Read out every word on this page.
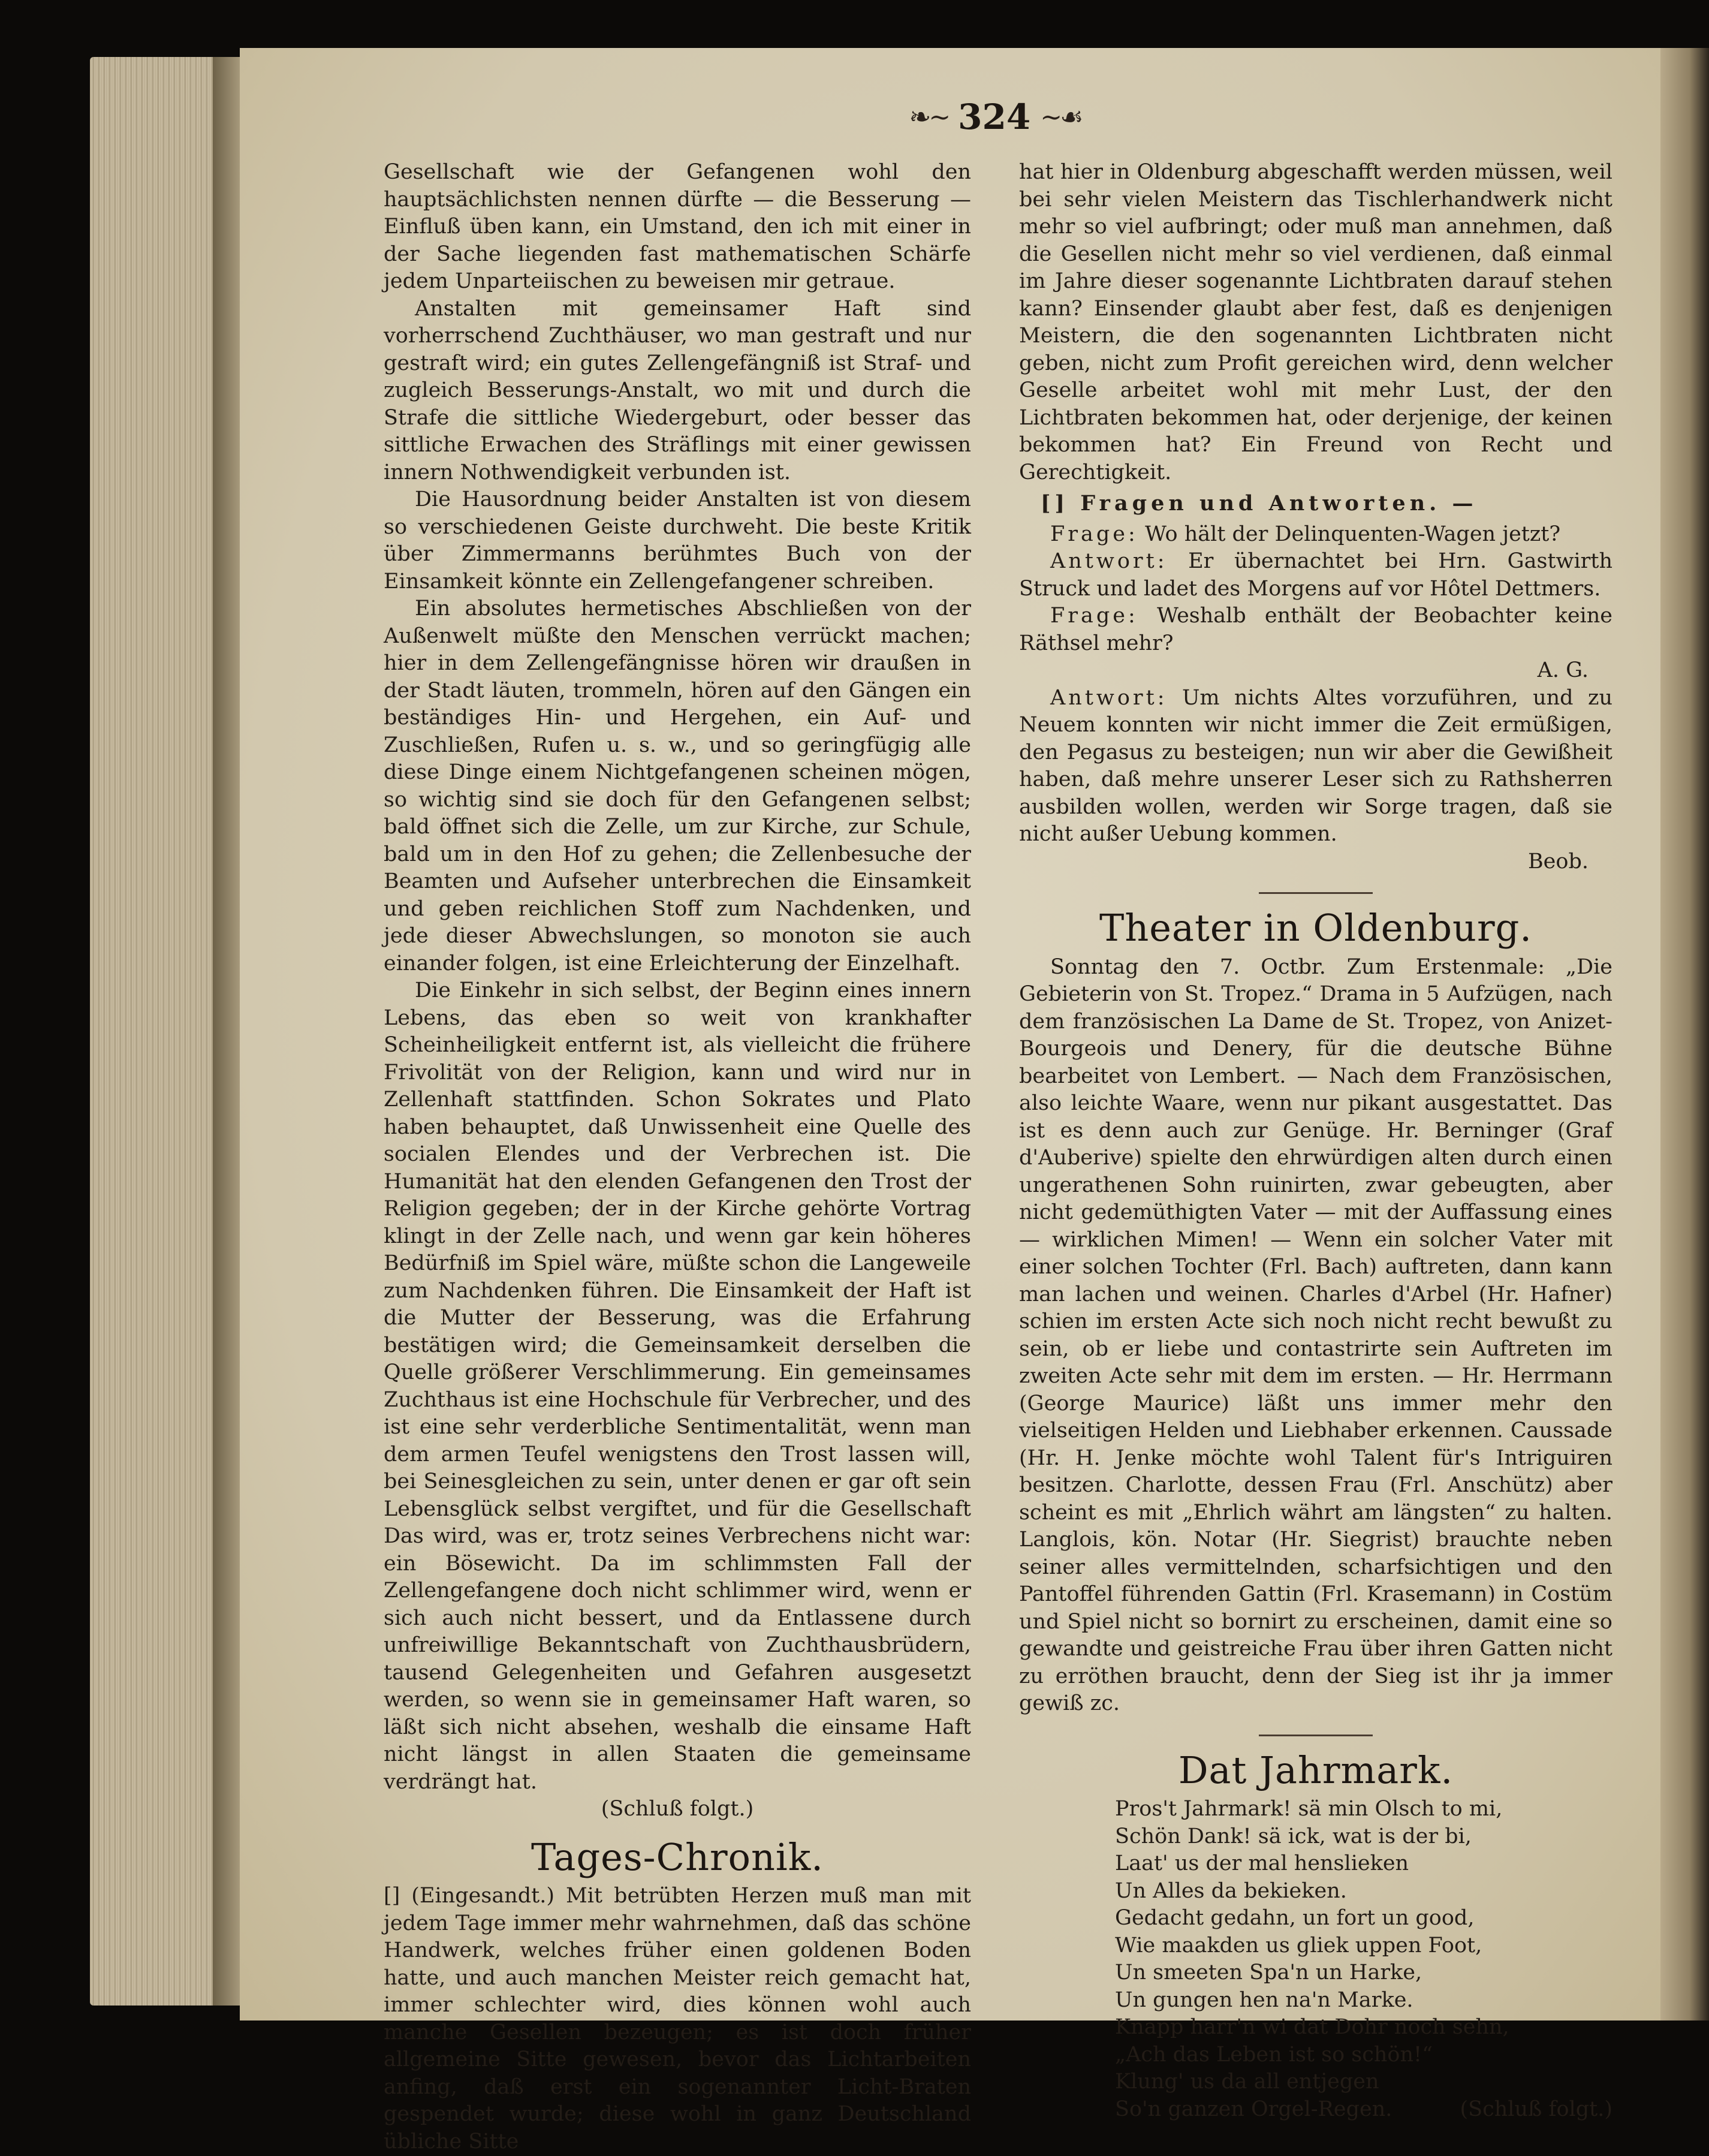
❧∼ 324 ∼☙

Gesellschaft wie der Gefangenen wohl den hauptsächlichsten nennen dürfte — die Besserung — Einfluß üben kann, ein Umstand, den ich mit einer in der Sache liegenden fast mathematischen Schärfe jedem Unparteiischen zu beweisen mir getraue.

Anstalten mit gemeinsamer Haft sind vorherrschend Zuchthäuser, wo man gestraft und nur gestraft wird; ein gutes Zellengefängniß ist Straf- und zugleich Besserungs-Anstalt, wo mit und durch die Strafe die sittliche Wiedergeburt, oder besser das sittliche Erwachen des Sträflings mit einer gewissen innern Nothwendigkeit verbunden ist.

Die Hausordnung beider Anstalten ist von diesem so verschiedenen Geiste durchweht. Die beste Kritik über Zimmermanns berühmtes Buch von der Einsamkeit könnte ein Zellengefangener schreiben.

Ein absolutes hermetisches Abschließen von der Außenwelt müßte den Menschen verrückt machen; hier in dem Zellengefängnisse hören wir draußen in der Stadt läuten, trommeln, hören auf den Gängen ein beständiges Hin- und Hergehen, ein Auf- und Zuschließen, Rufen u. s. w., und so geringfügig alle diese Dinge einem Nichtgefangenen scheinen mögen, so wichtig sind sie doch für den Gefangenen selbst; bald öffnet sich die Zelle, um zur Kirche, zur Schule, bald um in den Hof zu gehen; die Zellenbesuche der Beamten und Aufseher unterbrechen die Einsamkeit und geben reichlichen Stoff zum Nachdenken, und jede dieser Abwechslungen, so monoton sie auch einander folgen, ist eine Erleichterung der Einzelhaft.

Die Einkehr in sich selbst, der Beginn eines innern Lebens, das eben so weit von krankhafter Scheinheiligkeit entfernt ist, als vielleicht die frühere Frivolität von der Religion, kann und wird nur in Zellenhaft stattfinden. Schon Sokrates und Plato haben behauptet, daß Unwissenheit eine Quelle des socialen Elendes und der Verbrechen ist. Die Humanität hat den elenden Gefangenen den Trost der Religion gegeben; der in der Kirche gehörte Vortrag klingt in der Zelle nach, und wenn gar kein höheres Bedürfniß im Spiel wäre, müßte schon die Langeweile zum Nachdenken führen. Die Einsamkeit der Haft ist die Mutter der Besserung, was die Erfahrung bestätigen wird; die Gemeinsamkeit derselben die Quelle größerer Verschlimmerung. Ein gemeinsames Zuchthaus ist eine Hochschule für Verbrecher, und des ist eine sehr verderbliche Sentimentalität, wenn man dem armen Teufel wenigstens den Trost lassen will, bei Seinesgleichen zu sein, unter denen er gar oft sein Lebensglück selbst vergiftet, und für die Gesellschaft Das wird, was er, trotz seines Verbrechens nicht war: ein Bösewicht. Da im schlimmsten Fall der Zellengefangene doch nicht schlimmer wird, wenn er sich auch nicht bessert, und da Entlassene durch unfreiwillige Bekanntschaft von Zuchthausbrüdern, tausend Gelegenheiten und Gefahren ausgesetzt werden, so wenn sie in gemeinsamer Haft waren, so läßt sich nicht absehen, weshalb die einsame Haft nicht längst in allen Staaten die gemeinsame verdrängt hat.

(Schluß folgt.)

Tages-Chronik.

[] (Eingesandt.) Mit betrübten Herzen muß man mit jedem Tage immer mehr wahrnehmen, daß das schöne Handwerk, welches früher einen goldenen Boden hatte, und auch manchen Meister reich gemacht hat, immer schlechter wird, dies können wohl auch manche Gesellen bezeugen; es ist doch früher allgemeine Sitte gewesen, bevor das Lichtarbeiten anfing, daß erst ein sogenannter Licht-Braten gespendet wurde; diese wohl in ganz Deutschland übliche Sitte

hat hier in Oldenburg abgeschafft werden müssen, weil bei sehr vielen Meistern das Tischlerhandwerk nicht mehr so viel aufbringt; oder muß man annehmen, daß die Gesellen nicht mehr so viel verdienen, daß einmal im Jahre dieser sogenannte Lichtbraten darauf stehen kann? Einsender glaubt aber fest, daß es denjenigen Meistern, die den sogenannten Lichtbraten nicht geben, nicht zum Profit gereichen wird, denn welcher Geselle arbeitet wohl mit mehr Lust, der den Lichtbraten bekommen hat, oder derjenige, der keinen bekommen hat? Ein Freund von Recht und Gerechtigkeit.

[] Fragen und Antworten. —

Frage: Wo hält der Delinquenten-Wagen jetzt?

Antwort: Er übernachtet bei Hrn. Gastwirth Struck und ladet des Morgens auf vor Hôtel Dettmers.

Frage: Weshalb enthält der Beobachter keine Räthsel mehr?

A. G.

Antwort: Um nichts Altes vorzuführen, und zu Neuem konnten wir nicht immer die Zeit ermüßigen, den Pegasus zu besteigen; nun wir aber die Gewißheit haben, daß mehre unserer Leser sich zu Rathsherren ausbilden wollen, werden wir Sorge tragen, daß sie nicht außer Uebung kommen.

Beob.

Theater in Oldenburg.

Sonntag den 7. Octbr. Zum Erstenmale: „Die Gebieterin von St. Tropez.“ Drama in 5 Aufzügen, nach dem französischen La Dame de St. Tropez, von Anizet-Bourgeois und Denery, für die deutsche Bühne bearbeitet von Lembert. — Nach dem Französischen, also leichte Waare, wenn nur pikant ausgestattet. Das ist es denn auch zur Genüge. Hr. Berninger (Graf d'Auberive) spielte den ehrwürdigen alten durch einen ungerathenen Sohn ruinirten, zwar gebeugten, aber nicht gedemüthigten Vater — mit der Auffassung eines — wirklichen Mimen! — Wenn ein solcher Vater mit einer solchen Tochter (Frl. Bach) auftreten, dann kann man lachen und weinen. Charles d'Arbel (Hr. Hafner) schien im ersten Acte sich noch nicht recht bewußt zu sein, ob er liebe und contastrirte sein Auftreten im zweiten Acte sehr mit dem im ersten. — Hr. Herrmann (George Maurice) läßt uns immer mehr den vielseitigen Helden und Liebhaber erkennen. Caussade (Hr. H. Jenke möchte wohl Talent für's Intriguiren besitzen. Charlotte, dessen Frau (Frl. Anschütz) aber scheint es mit „Ehrlich währt am längsten“ zu halten. Langlois, kön. Notar (Hr. Siegrist) brauchte neben seiner alles vermittelnden, scharfsichtigen und den Pantoffel führenden Gattin (Frl. Krasemann) in Costüm und Spiel nicht so bornirt zu erscheinen, damit eine so gewandte und geistreiche Frau über ihren Gatten nicht zu erröthen braucht, denn der Sieg ist ihr ja immer gewiß zc.

Dat Jahrmark.
Pros't Jahrmark! sä min Olsch to mi,
Schön Dank! sä ick, wat is der bi,
Laat' us der mal henslieken
Un Alles da bekieken.
Gedacht gedahn, un fort un good,
Wie maakden us gliek uppen Foot,
Un smeeten Spa'n un Harke,
Un gungen hen na'n Marke.
Knapp harr'n wi dat Dohr noch sehn,
„Ach das Leben ist so schön!“
Klung' us da all entjegen
So'n ganzen Orgel-Regen.	(Schluß folgt.)
